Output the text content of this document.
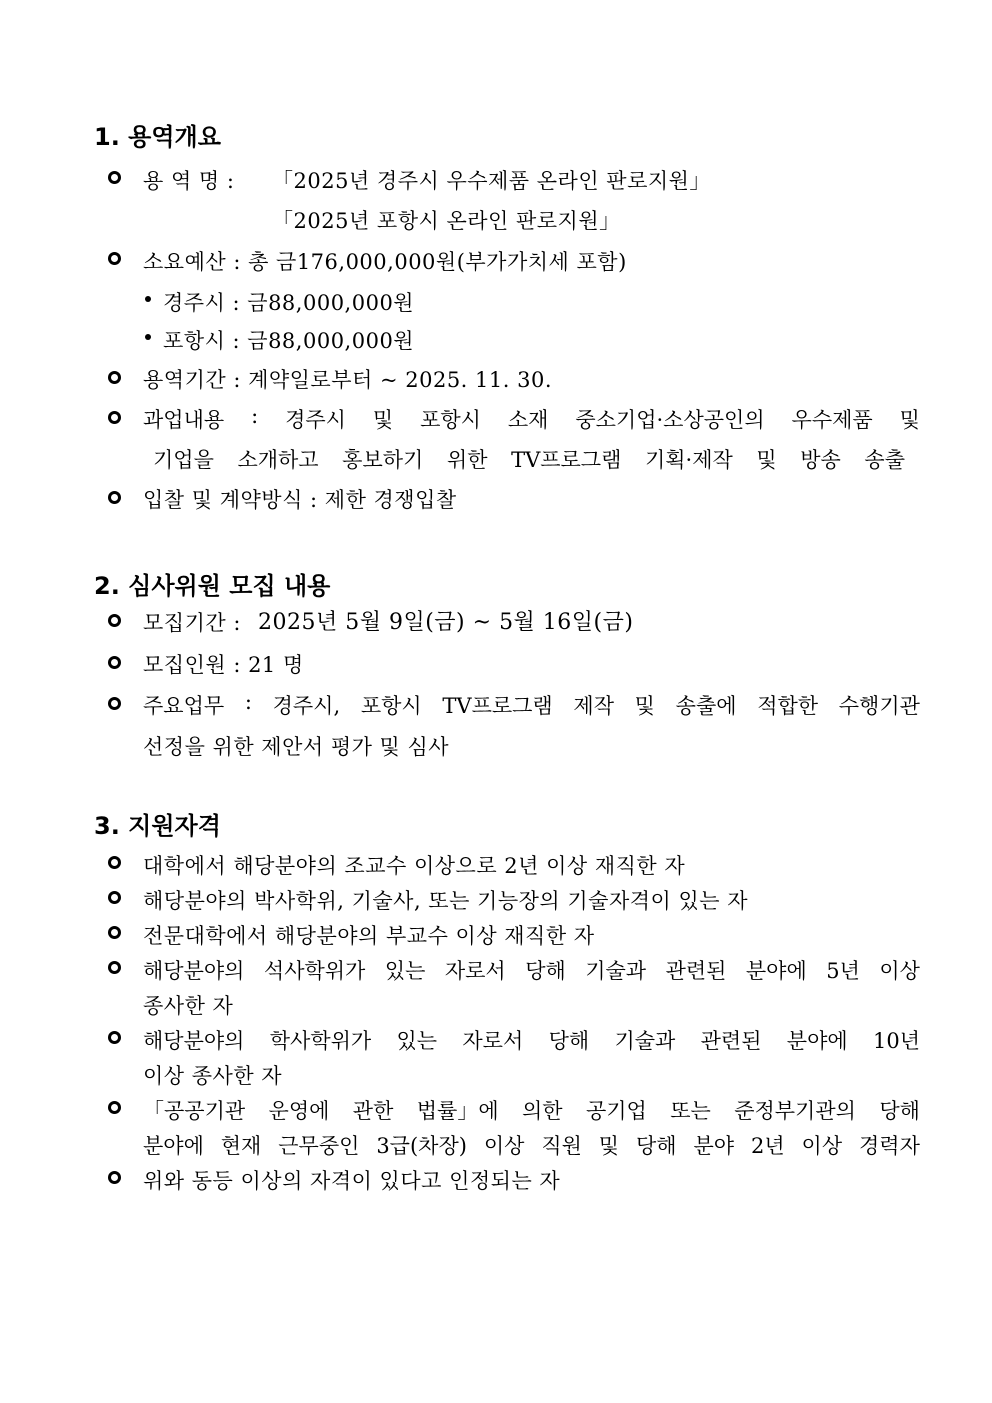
1. 용역개요
용 역 명 : 「2025년 경주시 우수제품 온라인 판로지원」
「2025년 포항시 온라인 판로지원」
소요예산 : 총 금176,000,000원(부가가치세 포함)
경주시 : 금88,000,000원
포항시 : 금88,000,000원
용역기간 : 계약일로부터 ~ 2025. 11. 30.
과업내용 : 경주시 및 포항시 소재 중소기업·소상공인의 우수제품 및
기업을 소개하고 홍보하기 위한 TV프로그램 기획·제작 및 방송 송출
입찰 및 계약방식 : 제한 경쟁입찰
2. 심사위원 모집 내용
모집기간 : 2025년 5월 9일(금) ~ 5월 16일(금)
모집인원 : 21 명
주요업무 : 경주시, 포항시 TV프로그램 제작 및 송출에 적합한 수행기관
선정을 위한 제안서 평가 및 심사
3. 지원자격
대학에서 해당분야의 조교수 이상으로 2년 이상 재직한 자
해당분야의 박사학위, 기술사, 또는 기능장의 기술자격이 있는 자
전문대학에서 해당분야의 부교수 이상 재직한 자
해당분야의 석사학위가 있는 자로서 당해 기술과 관련된 분야에 5년 이상
종사한 자
해당분야의 학사학위가 있는 자로서 당해 기술과 관련된 분야에 10년
이상 종사한 자
「공공기관 운영에 관한 법률」에 의한 공기업 또는 준정부기관의 당해
분야에 현재 근무중인 3급(차장) 이상 직원 및 당해 분야 2년 이상 경력자
위와 동등 이상의 자격이 있다고 인정되는 자
